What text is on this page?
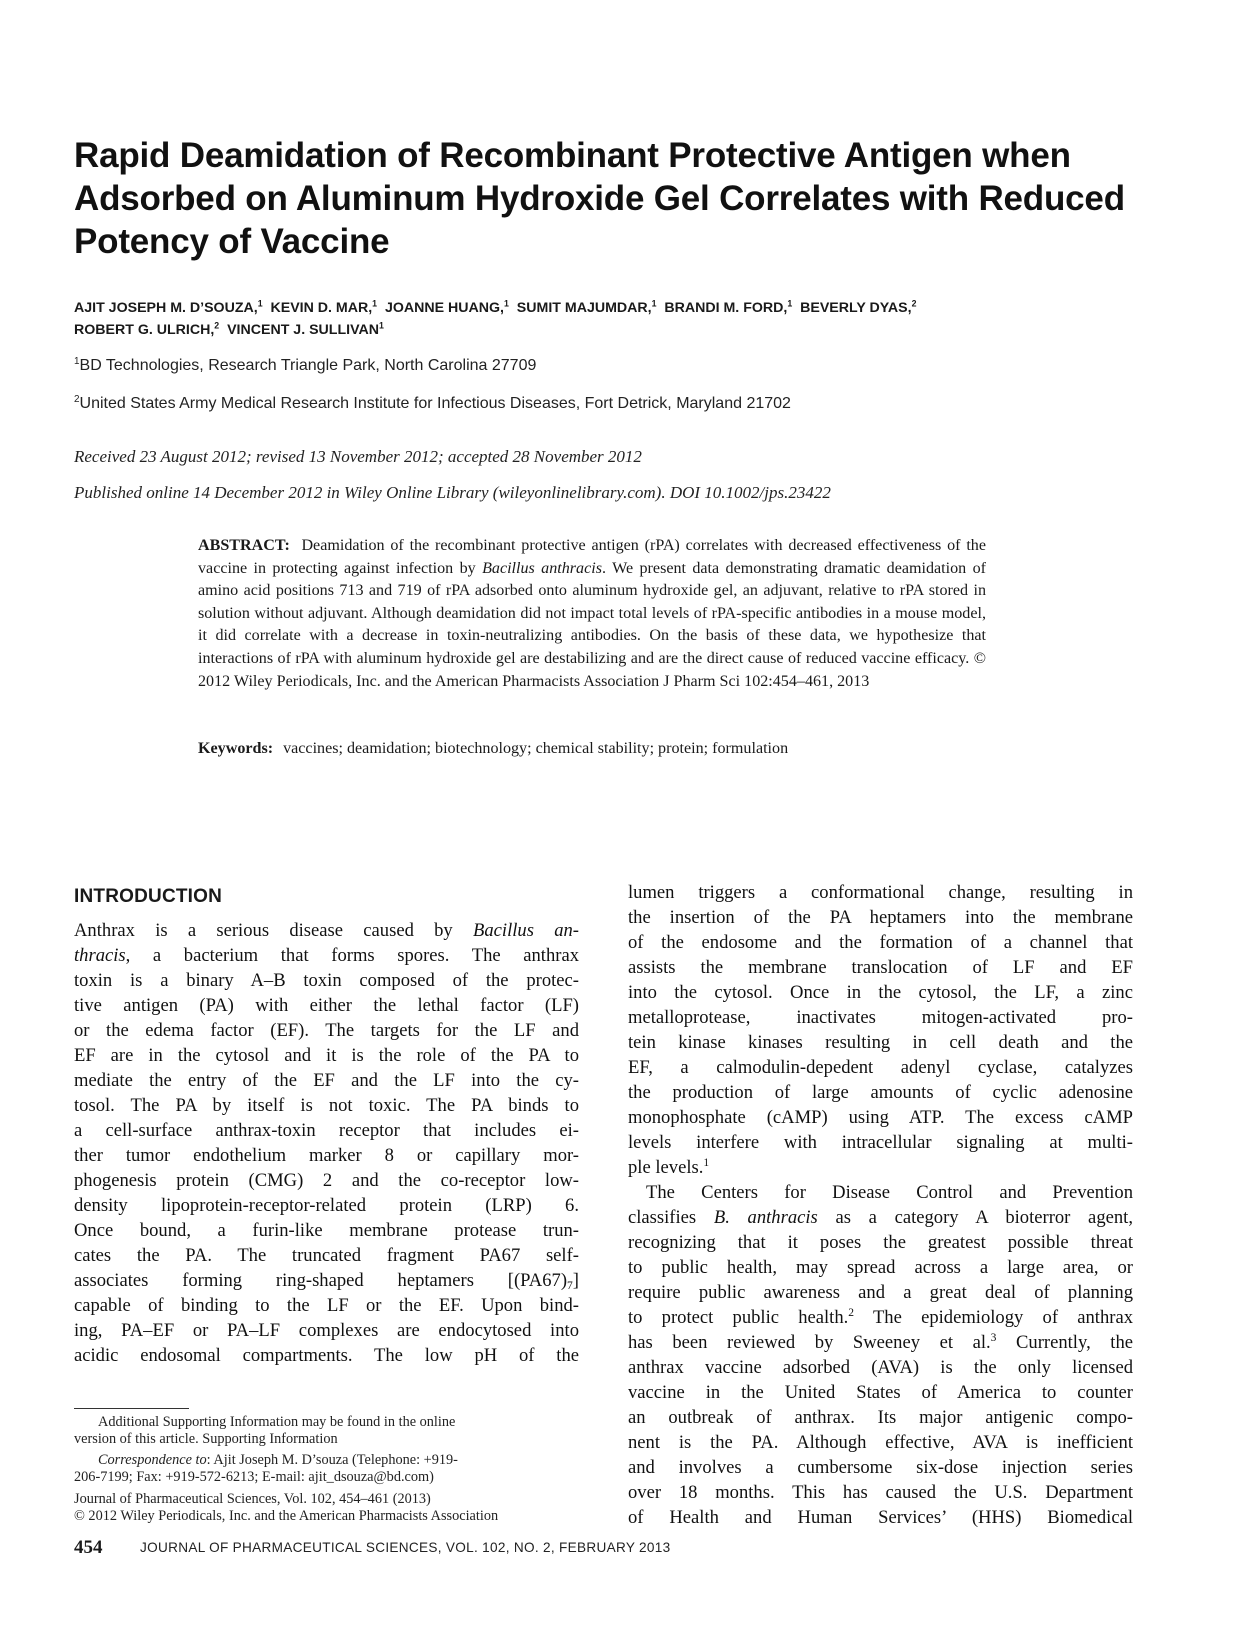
Rapid Deamidation of Recombinant Protective Antigen when
Adsorbed on Aluminum Hydroxide Gel Correlates with Reduced
Potency of Vaccine
AJIT JOSEPH M. D’SOUZA,$^1$ KEVIN D. MAR,$^1$ JOANNE HUANG,$^1$ SUMIT MAJUMDAR,$^1$ BRANDI M. FORD,$^1$ BEVERLY DYAS,$^2$
ROBERT G. ULRICH,$^2$ VINCENT J. SULLIVAN$^1$
$^1$BD Technologies, Research Triangle Park, North Carolina 27709
$^2$United States Army Medical Research Institute for Infectious Diseases, Fort Detrick, Maryland 21702
Received 23 August 2012; revised 13 November 2012; accepted 28 November 2012
Published online 14 December 2012 in Wiley Online Library (wileyonlinelibrary.com). DOI 10.1002/jps.23422
ABSTRACT: Deamidation of the recombinant protective antigen (rPA) correlates with decreased effectiveness of the vaccine in protecting against infection by Bacillus anthracis. We present data demonstrating dramatic deamidation of amino acid positions 713 and 719 of rPA adsorbed onto aluminum hydroxide gel, an adjuvant, relative to rPA stored in solution without adjuvant. Although deamidation did not impact total levels of rPA-specific antibodies in a mouse model, it did correlate with a decrease in toxin-neutralizing antibodies. On the basis of these data, we hypothesize that interactions of rPA with aluminum hydroxide gel are destabilizing and are the direct cause of reduced vaccine efficacy. © 2012 Wiley Periodicals, Inc. and the American Pharmacists Association J Pharm Sci 102:454–461, 2013
Keywords: vaccines; deamidation; biotechnology; chemical stability; protein; formulation
INTRODUCTION
Anthrax is a serious disease caused by Bacillus an-
thracis, a bacterium that forms spores. The anthrax
toxin is a binary A–B toxin composed of the protec-
tive antigen (PA) with either the lethal factor (LF)
or the edema factor (EF). The targets for the LF and
EF are in the cytosol and it is the role of the PA to
mediate the entry of the EF and the LF into the cy-
tosol. The PA by itself is not toxic. The PA binds to
a cell-surface anthrax-toxin receptor that includes ei-
ther tumor endothelium marker 8 or capillary mor-
phogenesis protein (CMG) 2 and the co-receptor low-
density lipoprotein-receptor-related protein (LRP) 6.
Once bound, a furin-like membrane protease trun-
cates the PA. The truncated fragment PA67 self-
associates forming ring-shaped heptamers $[(PA67)_7]$
capable of binding to the LF or the EF. Upon bind-
ing, PA–EF or PA–LF complexes are endocytosed into
acidic endosomal compartments. The low pH of the
lumen triggers a conformational change, resulting in
the insertion of the PA heptamers into the membrane
of the endosome and the formation of a channel that
assists the membrane translocation of LF and EF
into the cytosol. Once in the cytosol, the LF, a zinc
metalloprotease, inactivates mitogen-activated pro-
tein kinase kinases resulting in cell death and the
EF, a calmodulin-depedent adenyl cyclase, catalyzes
the production of large amounts of cyclic adenosine
monophosphate (cAMP) using ATP. The excess cAMP
levels interfere with intracellular signaling at multi-
ple levels.$^1$
The Centers for Disease Control and Prevention
classifies B. anthracis as a category A bioterror agent,
recognizing that it poses the greatest possible threat
to public health, may spread across a large area, or
require public awareness and a great deal of planning
to protect public health.$^2$ The epidemiology of anthrax
has been reviewed by Sweeney et al.$^3$ Currently, the
anthrax vaccine adsorbed (AVA) is the only licensed
vaccine in the United States of America to counter
an outbreak of anthrax. Its major antigenic compo-
nent is the PA. Although effective, AVA is inefficient
and involves a cumbersome six-dose injection series
over 18 months. This has caused the U.S. Department
of Health and Human Services’ (HHS) Biomedical
Additional Supporting Information may be found in the online
version of this article. Supporting Information
Correspondence to: Ajit Joseph M. D’souza (Telephone: +919-
206-7199; Fax: +919-572-6213; E-mail: ajit_dsouza@bd.com)
Journal of Pharmaceutical Sciences, Vol. 102, 454–461 (2013)
© 2012 Wiley Periodicals, Inc. and the American Pharmacists Association
454	JOURNAL OF PHARMACEUTICAL SCIENCES, VOL. 102, NO. 2, FEBRUARY 2013
